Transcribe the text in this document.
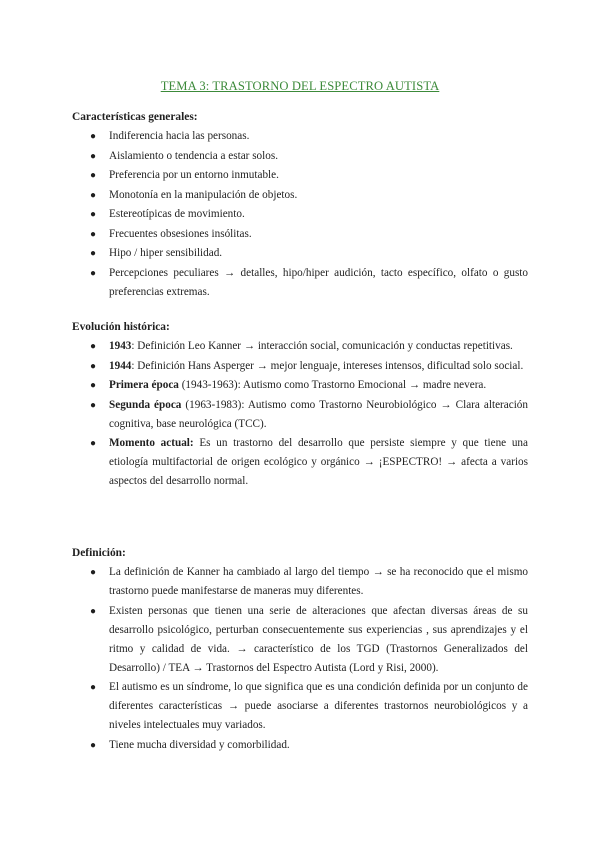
TEMA 3: TRASTORNO DEL ESPECTRO AUTISTA

Características generales:

● Indiferencia hacia las personas.
● Aislamiento o tendencia a estar solos.
● Preferencia por un entorno inmutable.
● Monotonía en la manipulación de objetos.
● Estereotípicas de movimiento.
● Frecuentes obsesiones insólitas.
● Hipo / hiper sensibilidad.
● Percepciones peculiares → detalles, hipo/hiper audición, tacto específico, olfato o gusto preferencias extremas.

Evolución histórica:

● 1943: Definición Leo Kanner → interacción social, comunicación y conductas repetitivas.
● 1944: Definición Hans Asperger → mejor lenguaje, intereses intensos, dificultad solo social.
● Primera época (1943-1963): Autismo como Trastorno Emocional → madre nevera.
● Segunda época (1963-1983): Autismo como Trastorno Neurobiológico → Clara alteración cognitiva, base neurológica (TCC).
● Momento actual: Es un trastorno del desarrollo que persiste siempre y que tiene una etiología multifactorial de origen ecológico y orgánico → ¡ESPECTRO! → afecta a varios aspectos del desarrollo normal.

Definición:

● La definición de Kanner ha cambiado al largo del tiempo → se ha reconocido que el mismo trastorno puede manifestarse de maneras muy diferentes.
● Existen personas que tienen una serie de alteraciones que afectan diversas áreas de su desarrollo psicológico, perturban consecuentemente sus experiencias , sus aprendizajes y el ritmo y calidad de vida. → característico de los TGD (Trastornos Generalizados del Desarrollo) / TEA → Trastornos del Espectro Autista (Lord y Risi, 2000).
● El autismo es un síndrome, lo que significa que es una condición definida por un conjunto de diferentes características → puede asociarse a diferentes trastornos neurobiológicos y a niveles intelectuales muy variados.
● Tiene mucha diversidad y comorbilidad.
